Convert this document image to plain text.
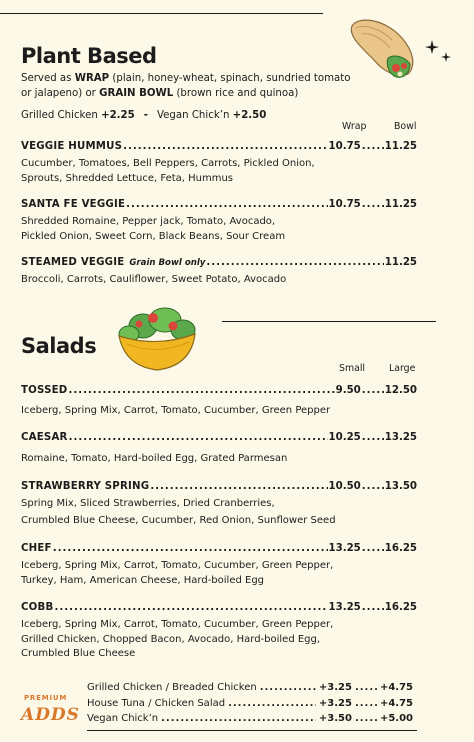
Plant Based
Served as WRAP (plain, honey-wheat, spinach, sundried tomato
or jalapeno) or GRAIN BOWL (brown rice and quinoa)
Grilled Chicken +2.25 - Vegan Chick’n +2.50
Wrap	Bowl
VEGGIE HUMMUS .....	10.75 ..... 11.25
Cucumber, Tomatoes, Bell Peppers, Carrots, Pickled Onion,
Sprouts, Shredded Lettuce, Feta, Hummus
SANTA FE VEGGIE .....	10.75 ..... 11.25
Shredded Romaine, Pepper jack, Tomato, Avocado,
Pickled Onion, Sweet Corn, Black Beans, Sour Cream
STEAMED VEGGIE Grain Bowl only .....	11.25
Broccoli, Carrots, Cauliflower, Sweet Potato, Avocado
Salads
Small	Large
TOSSED .....	9.50 ..... 12.50
Iceberg, Spring Mix, Carrot, Tomato, Cucumber, Green Pepper
CAESAR .....	10.25 ..... 13.25
Romaine, Tomato, Hard-boiled Egg, Grated Parmesan
STRAWBERRY SPRING .....	10.50 ..... 13.50
Spring Mix, Sliced Strawberries, Dried Cranberries,
Crumbled Blue Cheese, Cucumber, Red Onion, Sunflower Seed
CHEF .....	13.25 ..... 16.25
Iceberg, Spring Mix, Carrot, Tomato, Cucumber, Green Pepper,
Turkey, Ham, American Cheese, Hard-boiled Egg
COBB .....	13.25 ..... 16.25
Iceberg, Spring Mix, Carrot, Tomato, Cucumber, Green Pepper,
Grilled Chicken, Chopped Bacon, Avocado, Hard-boiled Egg,
Crumbled Blue Cheese
PREMIUM
ADDS
Grilled Chicken / Breaded Chicken .....	+3.25 .....	+4.75
House Tuna / Chicken Salad .....	+3.25 .....	+4.75
Vegan Chick’n .....	+3.50 .....	+5.00
